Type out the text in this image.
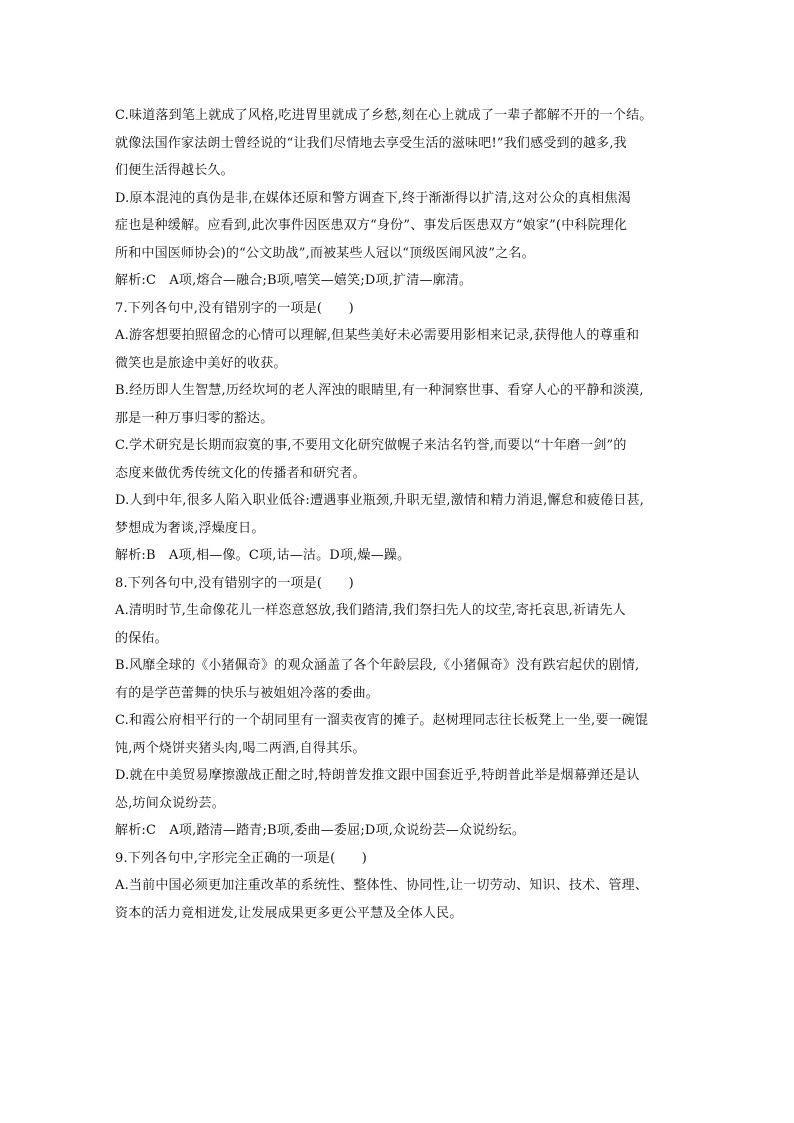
C.味道落到笔上就成了风格,吃进胃里就成了乡愁,刻在心上就成了一辈子都解不开的一个结。
就像法国作家法朗士曾经说的“让我们尽情地去享受生活的滋味吧!”我们感受到的越多,我
们便生活得越长久。
D.原本混沌的真伪是非,在媒体还原和警方调查下,终于渐渐得以扩清,这对公众的真相焦渴
症也是种缓解。应看到,此次事件因医患双方“身份”、事发后医患双方“娘家”(中科院理化
所和中国医师协会)的“公文助战”,而被某些人冠以“顶级医闹风波”之名。
解析:C　A项,熔合—融合;B项,嘻笑—嬉笑;D项,扩清—廓清。
7.下列各句中,没有错别字的一项是(　　)
A.游客想要拍照留念的心情可以理解,但某些美好未必需要用影相来记录,获得他人的尊重和
微笑也是旅途中美好的收获。
B.经历即人生智慧,历经坎坷的老人浑浊的眼睛里,有一种洞察世事、看穿人心的平静和淡漠,
那是一种万事归零的豁达。
C.学术研究是长期而寂寞的事,不要用文化研究做幌子来沽名钓誉,而要以“十年磨一剑”的
态度来做优秀传统文化的传播者和研究者。
D.人到中年,很多人陷入职业低谷:遭遇事业瓶颈,升职无望,激情和精力消退,懈怠和疲倦日甚,
梦想成为奢谈,浮燥度日。
解析:B　A项,相—像。C项,诂—沽。D项,燥—躁。
8.下列各句中,没有错别字的一项是(　　)
A.清明时节,生命像花儿一样恣意怒放,我们踏清,我们祭扫先人的坟茔,寄托哀思,祈请先人
的保佑。
B.风靡全球的《小猪佩奇》的观众涵盖了各个年龄层段,《小猪佩奇》没有跌宕起伏的剧情,
有的是学芭蕾舞的快乐与被姐姐冷落的委曲。
C.和霞公府相平行的一个胡同里有一溜卖夜宵的摊子。赵树理同志往长板凳上一坐,要一碗馄
饨,两个烧饼夹猪头肉,喝二两酒,自得其乐。
D.就在中美贸易摩擦激战正酣之时,特朗普发推文跟中国套近乎,特朗普此举是烟幕弹还是认
怂,坊间众说纷芸。
解析:C　A项,踏清—踏青;B项,委曲—委屈;D项,众说纷芸—众说纷纭。
9.下列各句中,字形完全正确的一项是(　　)
A.当前中国必须更加注重改革的系统性、整体性、协同性,让一切劳动、知识、技术、管理、
资本的活力竟相迸发,让发展成果更多更公平慧及全体人民。
